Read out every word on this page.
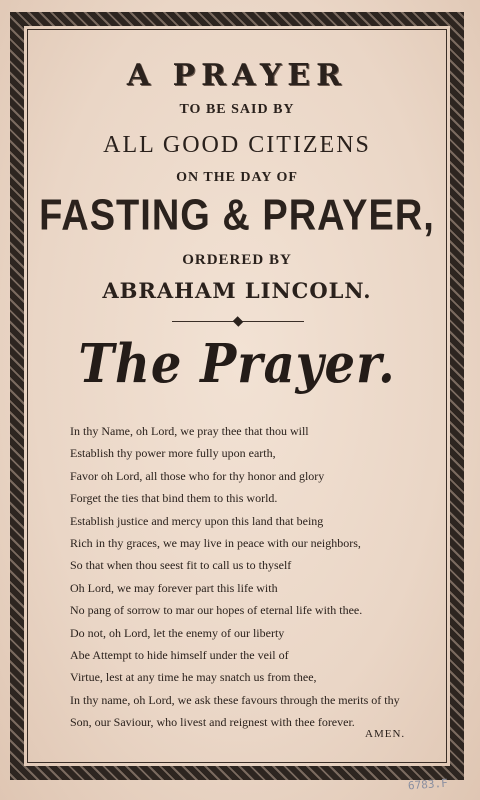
A PRAYER
TO BE SAID BY
ALL GOOD CITIZENS
ON THE DAY OF
FASTING & PRAYER,
ORDERED BY
ABRAHAM LINCOLN.
The Prayer.
In thy Name, oh Lord, we pray thee that thou will
Establish thy power more fully upon earth,
Favor oh Lord, all those who for thy honor and glory
Forget the ties that bind them to this world.
Establish justice and mercy upon this land that being
Rich in thy graces, we may live in peace with our neighbors,
So that when thou seest fit to call us to thyself
Oh Lord, we may forever part this life with
No pang of sorrow to mar our hopes of eternal life with thee.
Do not, oh Lord, let the enemy of our liberty
Abe Attempt to hide himself under the veil of
Virtue, lest at any time he may snatch us from thee,
In thy name, oh Lord, we ask these favours through the merits of thy
Son, our Saviour, who livest and reignest with thee forever.
AMEN.
6783.F
